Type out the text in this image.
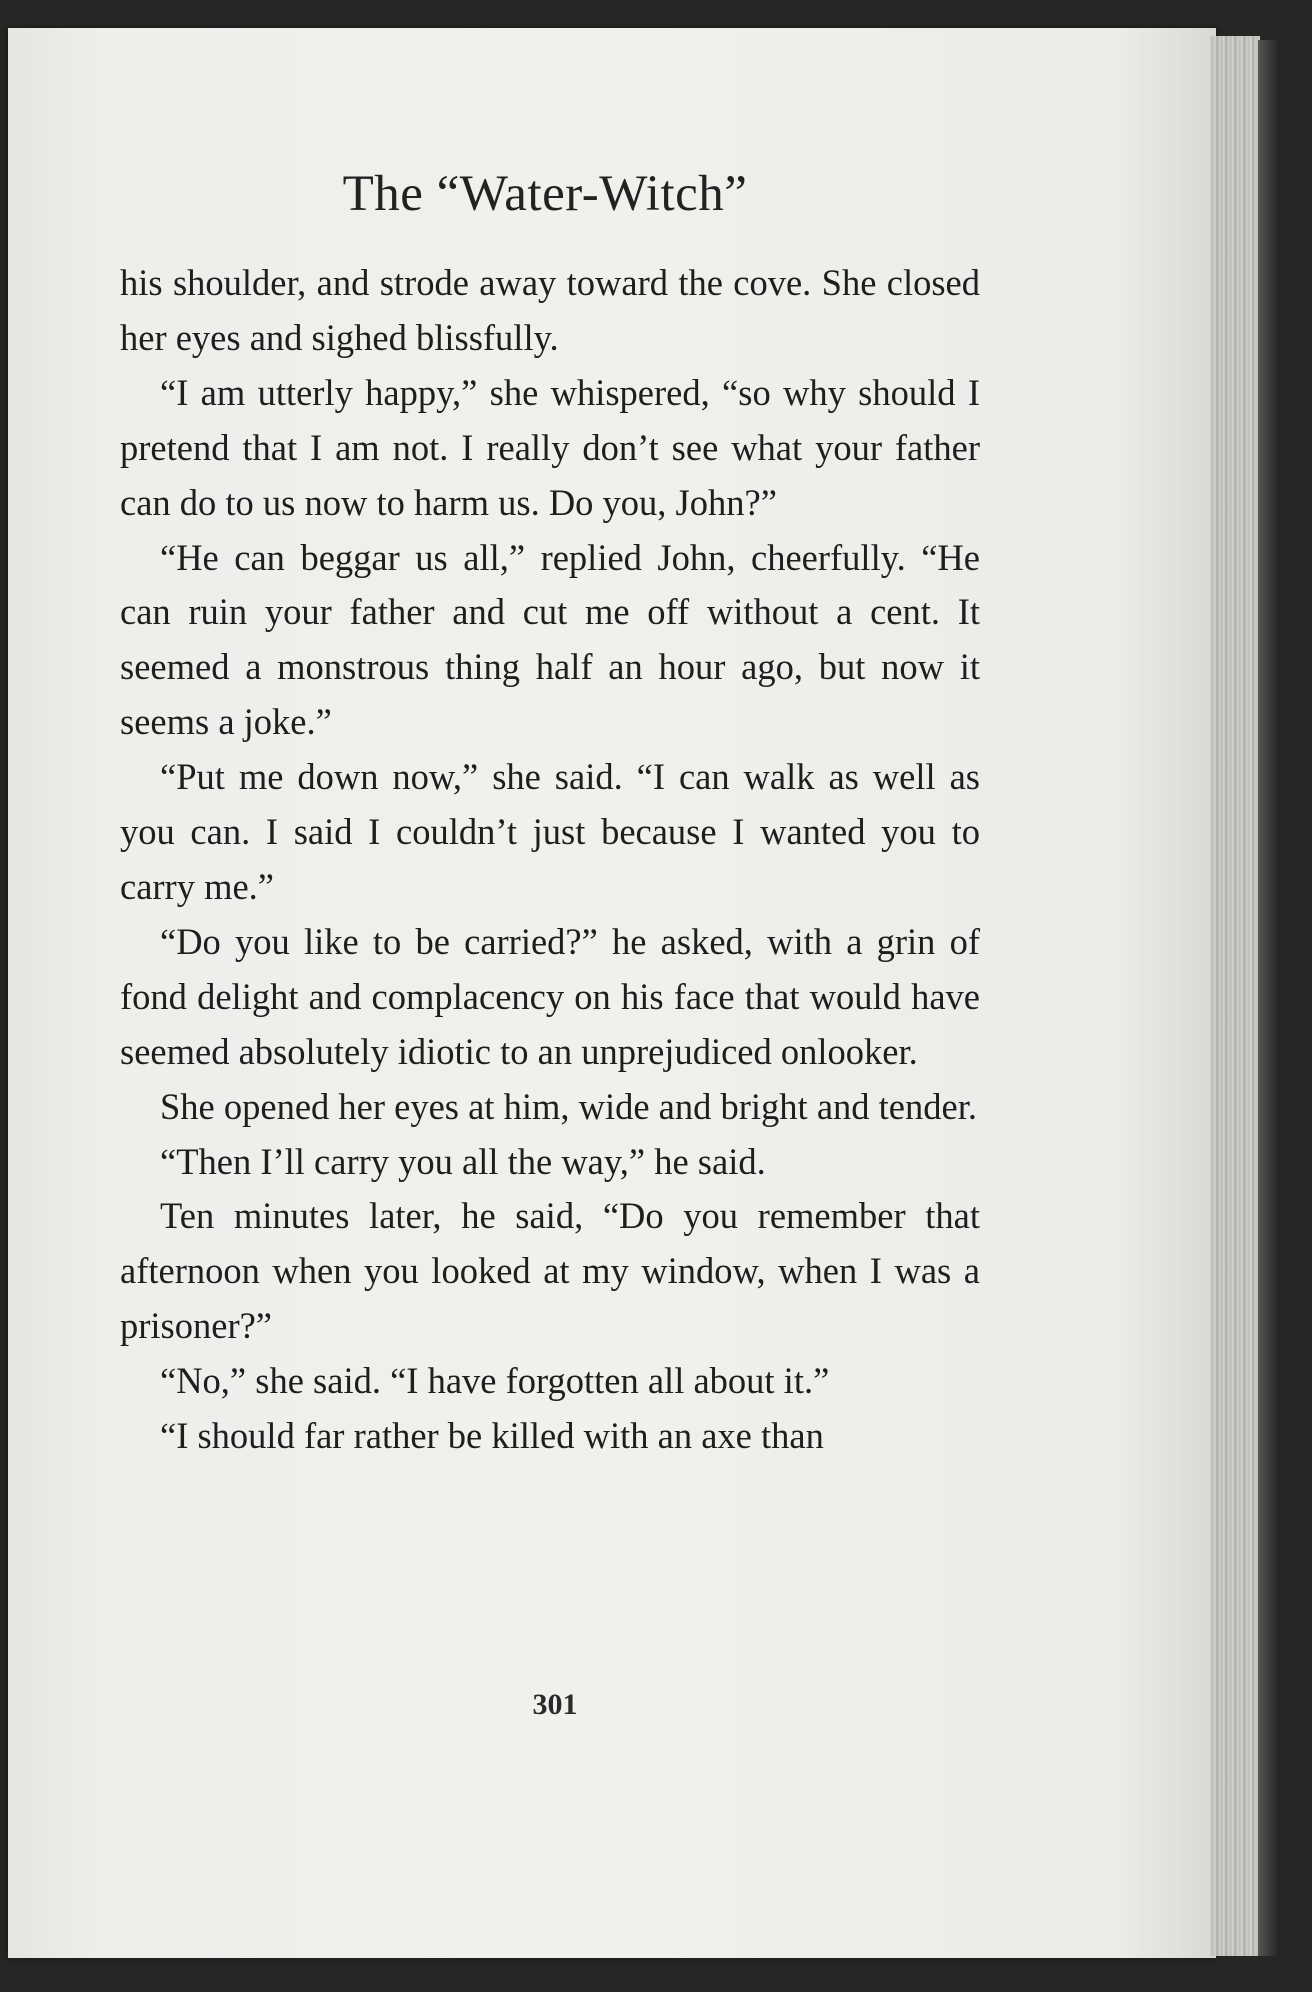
The “Water-Witch”

his shoulder, and strode away toward the cove. She closed her eyes and sighed blissfully.

“I am utterly happy,” she whispered, “so why should I pretend that I am not. I really don’t see what your father can do to us now to harm us. Do you, John?”

“He can beggar us all,” replied John, cheerfully. “He can ruin your father and cut me off without a cent. It seemed a monstrous thing half an hour ago, but now it seems a joke.”

“Put me down now,” she said. “I can walk as well as you can. I said I couldn’t just because I wanted you to carry me.”

“Do you like to be carried?” he asked, with a grin of fond delight and complacency on his face that would have seemed absolutely idiotic to an unprejudiced onlooker.

She opened her eyes at him, wide and bright and tender.

“Then I’ll carry you all the way,” he said.

Ten minutes later, he said, “Do you remember that afternoon when you looked at my window, when I was a prisoner?”

“No,” she said. “I have forgotten all about it.”

“I should far rather be killed with an axe than

301
